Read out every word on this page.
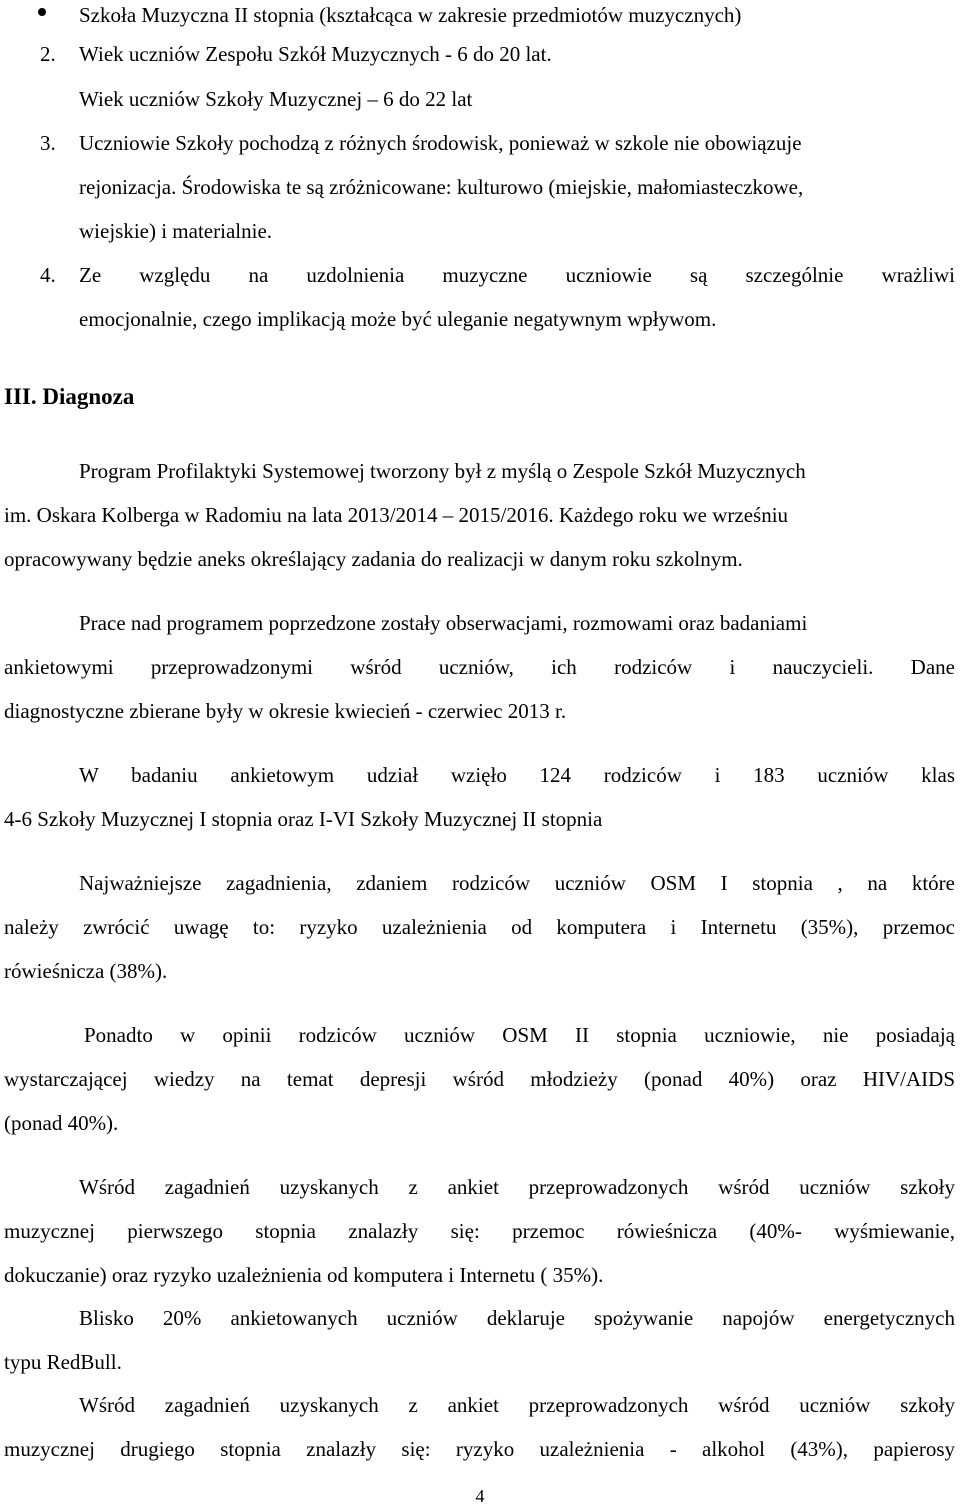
Szkoła Muzyczna II stopnia (kształcąca w zakresie przedmiotów muzycznych)
2. Wiek uczniów Zespołu Szkół Muzycznych - 6 do 20 lat.
Wiek uczniów Szkoły Muzycznej – 6 do 22 lat
3. Uczniowie Szkoły pochodzą z różnych środowisk, ponieważ w szkole nie obowiązuje
rejonizacja. Środowiska te są zróżnicowane: kulturowo (miejskie, małomiasteczkowe,
wiejskie) i materialnie.
4. Ze względu na uzdolnienia muzyczne uczniowie są szczególnie wrażliwi
emocjonalnie, czego implikacją może być uleganie negatywnym wpływom.
III. Diagnoza
Program Profilaktyki Systemowej tworzony był z myślą o Zespole Szkół Muzycznych
im. Oskara Kolberga w Radomiu na lata 2013/2014 – 2015/2016. Każdego roku we wrześniu
opracowywany będzie aneks określający zadania do realizacji w danym roku szkolnym.
Prace nad programem poprzedzone zostały obserwacjami, rozmowami oraz badaniami
ankietowymi przeprowadzonymi wśród uczniów, ich rodziców i nauczycieli. Dane
diagnostyczne zbierane były w okresie kwiecień - czerwiec 2013 r.
W badaniu ankietowym udział wzięło 124 rodziców i 183 uczniów klas
4-6 Szkoły Muzycznej I stopnia oraz I-VI Szkoły Muzycznej II stopnia
Najważniejsze zagadnienia, zdaniem rodziców uczniów OSM I stopnia , na które
należy zwrócić uwagę to: ryzyko uzależnienia od komputera i Internetu (35%), przemoc
rówieśnicza (38%).
Ponadto w opinii rodziców uczniów OSM II stopnia uczniowie, nie posiadają
wystarczającej wiedzy na temat depresji wśród młodzieży (ponad 40%) oraz HIV/AIDS
(ponad 40%).
Wśród zagadnień uzyskanych z ankiet przeprowadzonych wśród uczniów szkoły
muzycznej pierwszego stopnia znalazły się: przemoc rówieśnicza (40%- wyśmiewanie,
dokuczanie) oraz ryzyko uzależnienia od komputera i Internetu ( 35%).
Blisko 20% ankietowanych uczniów deklaruje spożywanie napojów energetycznych
typu RedBull.
Wśród zagadnień uzyskanych z ankiet przeprowadzonych wśród uczniów szkoły
muzycznej drugiego stopnia znalazły się: ryzyko uzależnienia - alkohol (43%), papierosy
4
